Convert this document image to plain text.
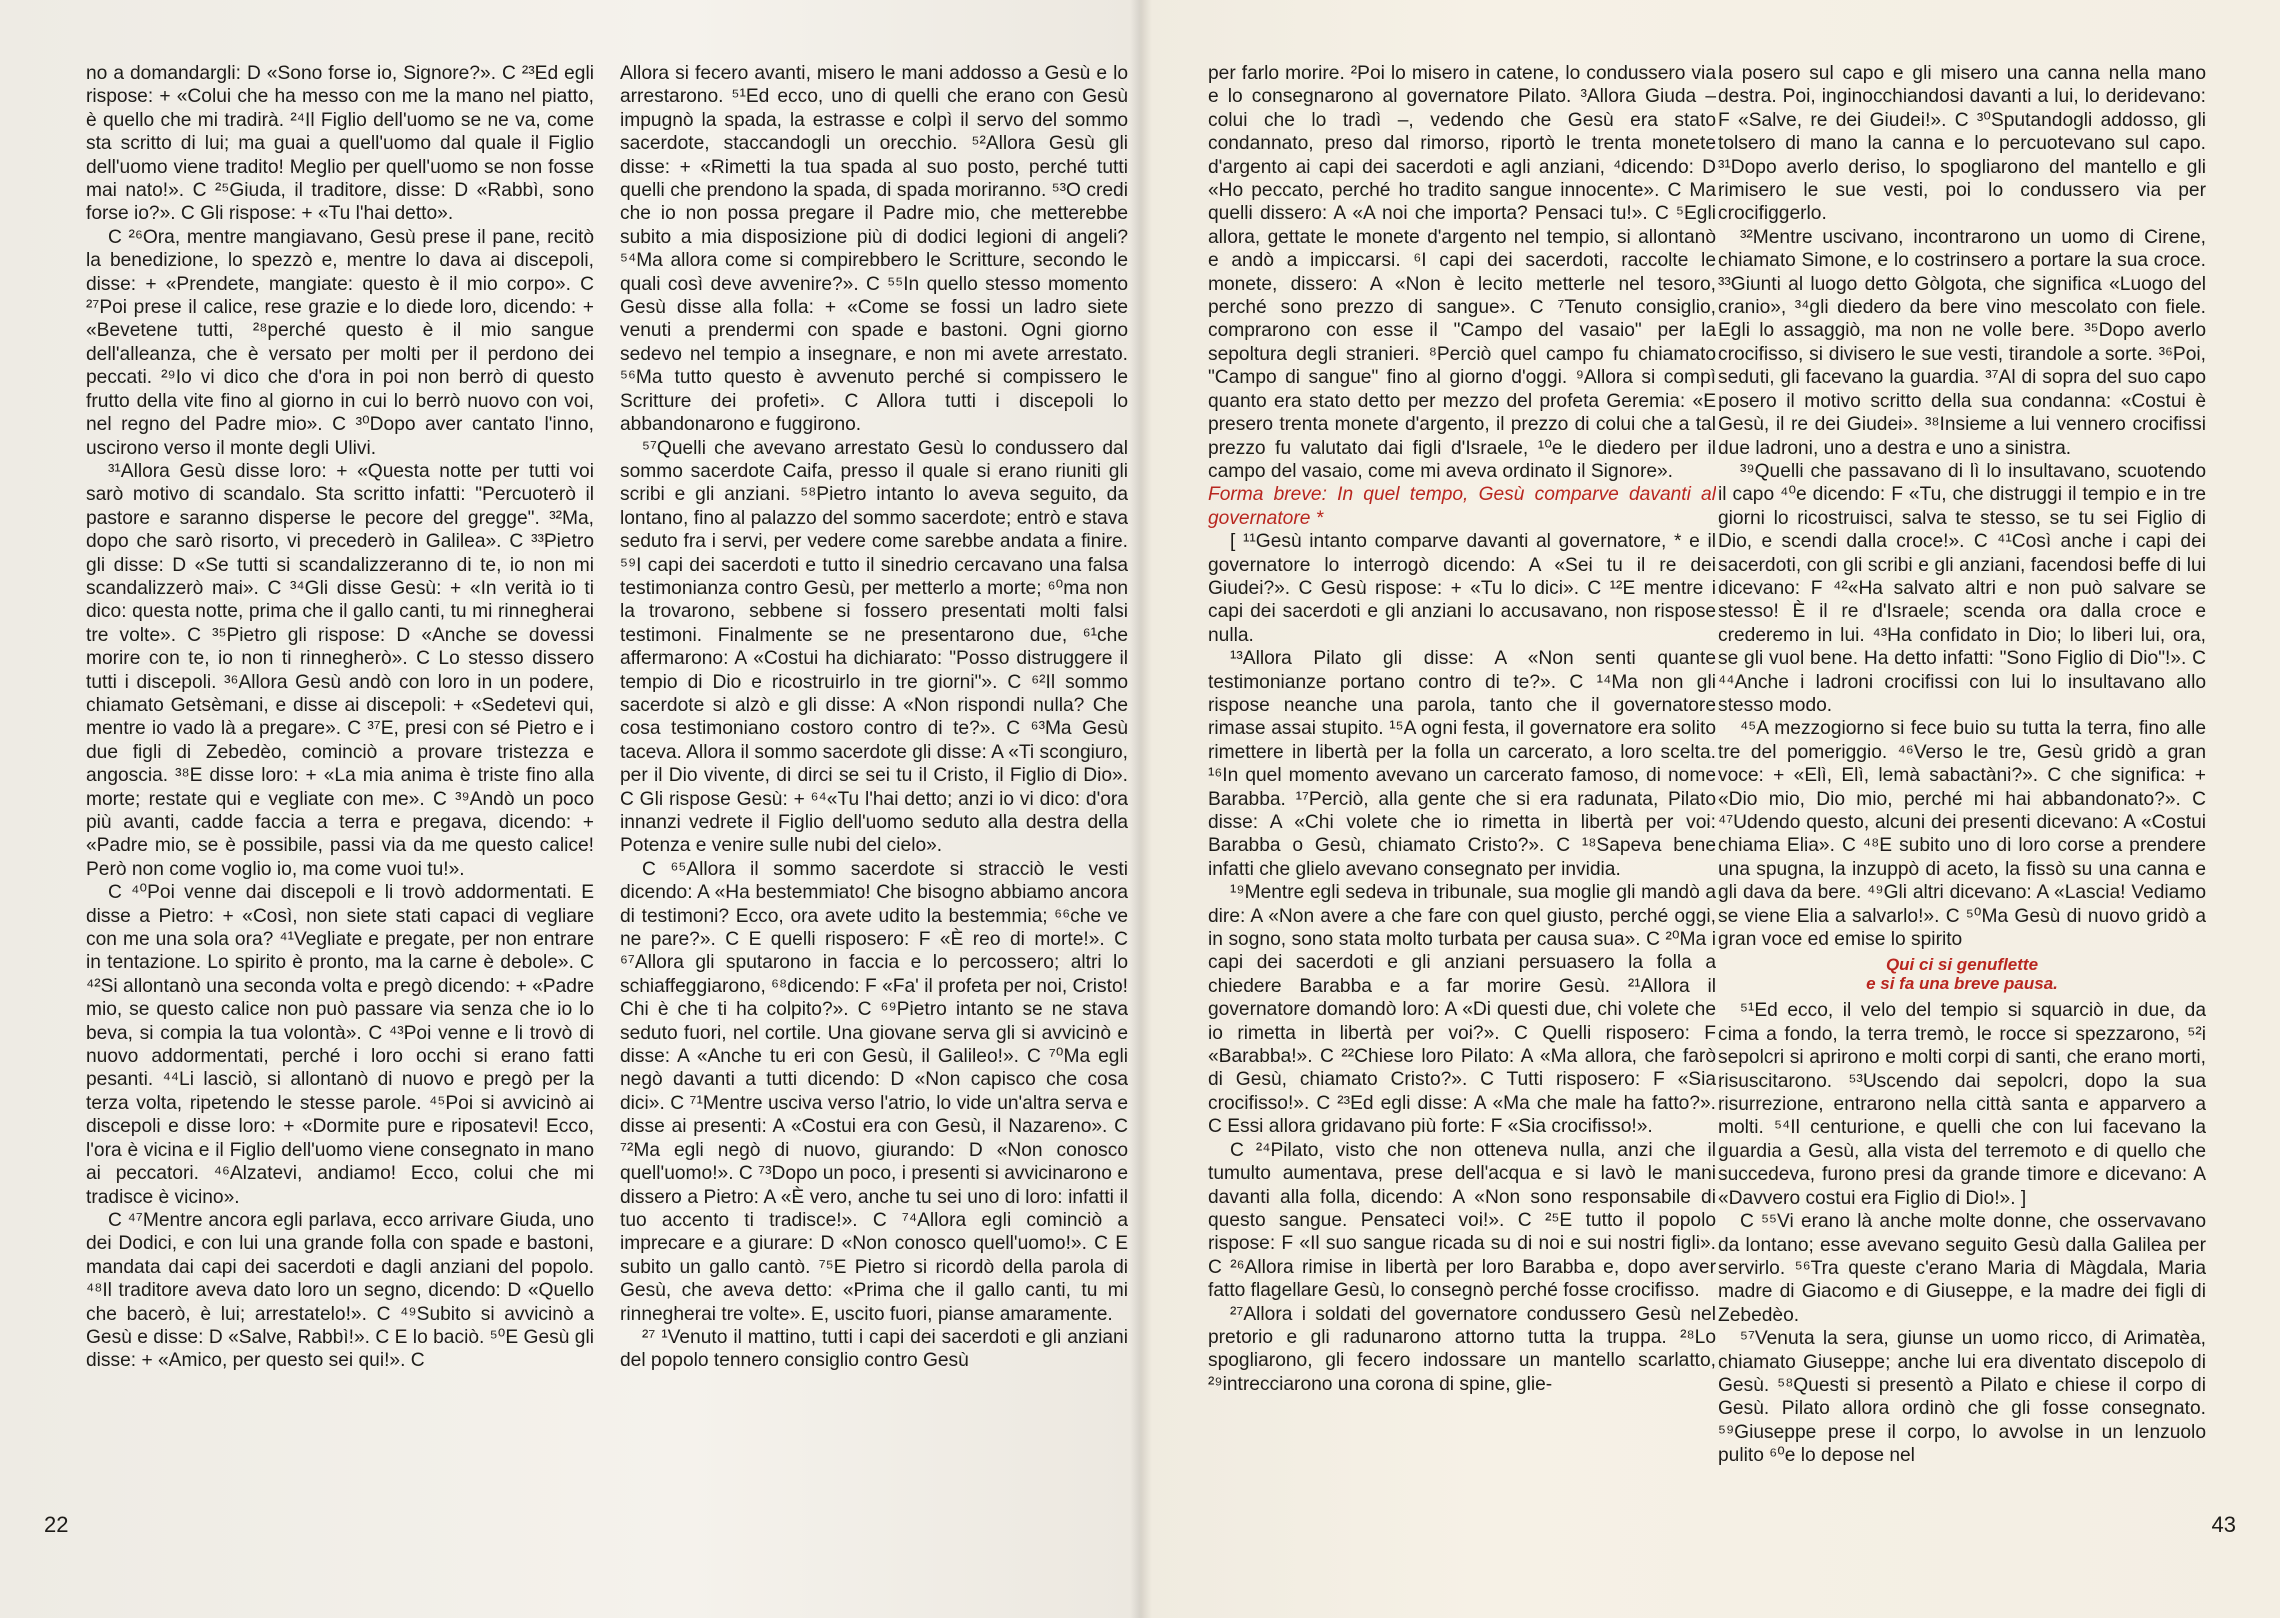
no a domandargli: D «Sono forse io, Signore?». C ²³Ed egli rispose: + «Colui che ha messo con me la mano nel piatto, è quello che mi tradirà. ²⁴Il Figlio dell'uomo se ne va, come sta scritto di lui; ma guai a quell'uomo dal quale il Figlio dell'uomo viene tradito! Meglio per quell'uomo se non fosse mai nato!». C ²⁵Giuda, il traditore, disse: D «Rabbì, sono forse io?». C Gli rispose: + «Tu l'hai detto».

C ²⁶Ora, mentre mangiavano, Gesù prese il pane, recitò la benedizione, lo spezzò e, mentre lo dava ai discepoli, disse: + «Prendete, mangiate: questo è il mio corpo». C ²⁷Poi prese il calice, rese grazie e lo diede loro, dicendo: + «Bevetene tutti, ²⁸perché questo è il mio sangue dell'alleanza, che è versato per molti per il perdono dei peccati. ²⁹Io vi dico che d'ora in poi non berrò di questo frutto della vite fino al giorno in cui lo berrò nuovo con voi, nel regno del Padre mio». C ³⁰Dopo aver cantato l'inno, uscirono verso il monte degli Ulivi.

³¹Allora Gesù disse loro: + «Questa notte per tutti voi sarò motivo di scandalo. Sta scritto infatti: "Percuoterò il pastore e saranno disperse le pecore del gregge". ³²Ma, dopo che sarò risorto, vi precederò in Galilea». C ³³Pietro gli disse: D «Se tutti si scandalizzeranno di te, io non mi scandalizzerò mai». C ³⁴Gli disse Gesù: + «In verità io ti dico: questa notte, prima che il gallo canti, tu mi rinnegherai tre volte». C ³⁵Pietro gli rispose: D «Anche se dovessi morire con te, io non ti rinnegherò». C Lo stesso dissero tutti i discepoli. ³⁶Allora Gesù andò con loro in un podere, chiamato Getsèmani, e disse ai discepoli: + «Sedetevi qui, mentre io vado là a pregare». C ³⁷E, presi con sé Pietro e i due figli di Zebedèo, cominciò a provare tristezza e angoscia. ³⁸E disse loro: + «La mia anima è triste fino alla morte; restate qui e vegliate con me». C ³⁹Andò un poco più avanti, cadde faccia a terra e pregava, dicendo: + «Padre mio, se è possibile, passi via da me questo calice! Però non come voglio io, ma come vuoi tu!».

C ⁴⁰Poi venne dai discepoli e li trovò addormentati. E disse a Pietro: + «Così, non siete stati capaci di vegliare con me una sola ora? ⁴¹Vegliate e pregate, per non entrare in tentazione. Lo spirito è pronto, ma la carne è debole». C ⁴²Si allontanò una seconda volta e pregò dicendo: + «Padre mio, se questo calice non può passare via senza che io lo beva, si compia la tua volontà». C ⁴³Poi venne e li trovò di nuovo addormentati, perché i loro occhi si erano fatti pesanti. ⁴⁴Li lasciò, si allontanò di nuovo e pregò per la terza volta, ripetendo le stesse parole. ⁴⁵Poi si avvicinò ai discepoli e disse loro: + «Dormite pure e riposatevi! Ecco, l'ora è vicina e il Figlio dell'uomo viene consegnato in mano ai peccatori. ⁴⁶Alzatevi, andiamo! Ecco, colui che mi tradisce è vicino».

C ⁴⁷Mentre ancora egli parlava, ecco arrivare Giuda, uno dei Dodici, e con lui una grande folla con spade e bastoni, mandata dai capi dei sacerdoti e dagli anziani del popolo. ⁴⁸Il traditore aveva dato loro un segno, dicendo: D «Quello che bacerò, è lui; arrestatelo!». C ⁴⁹Subito si avvicinò a Gesù e disse: D «Salve, Rabbì!». C E lo baciò. ⁵⁰E Gesù gli disse: + «Amico, per questo sei qui!». C

Allora si fecero avanti, misero le mani addosso a Gesù e lo arrestarono. ⁵¹Ed ecco, uno di quelli che erano con Gesù impugnò la spada, la estrasse e colpì il servo del sommo sacerdote, staccandogli un orecchio. ⁵²Allora Gesù gli disse: + «Rimetti la tua spada al suo posto, perché tutti quelli che prendono la spada, di spada moriranno. ⁵³O credi che io non possa pregare il Padre mio, che metterebbe subito a mia disposizione più di dodici legioni di angeli? ⁵⁴Ma allora come si compirebbero le Scritture, secondo le quali così deve avvenire?». C ⁵⁵In quello stesso momento Gesù disse alla folla: + «Come se fossi un ladro siete venuti a prendermi con spade e bastoni. Ogni giorno sedevo nel tempio a insegnare, e non mi avete arrestato. ⁵⁶Ma tutto questo è avvenuto perché si compissero le Scritture dei profeti». C Allora tutti i discepoli lo abbandonarono e fuggirono.

⁵⁷Quelli che avevano arrestato Gesù lo condussero dal sommo sacerdote Caifa, presso il quale si erano riuniti gli scribi e gli anziani. ⁵⁸Pietro intanto lo aveva seguito, da lontano, fino al palazzo del sommo sacerdote; entrò e stava seduto fra i servi, per vedere come sarebbe andata a finire. ⁵⁹I capi dei sacerdoti e tutto il sinedrio cercavano una falsa testimonianza contro Gesù, per metterlo a morte; ⁶⁰ma non la trovarono, sebbene si fossero presentati molti falsi testimoni. Finalmente se ne presentarono due, ⁶¹che affermarono: A «Costui ha dichiarato: "Posso distruggere il tempio di Dio e ricostruirlo in tre giorni"». C ⁶²Il sommo sacerdote si alzò e gli disse: A «Non rispondi nulla? Che cosa testimoniano costoro contro di te?». C ⁶³Ma Gesù taceva. Allora il sommo sacerdote gli disse: A «Ti scongiuro, per il Dio vivente, di dirci se sei tu il Cristo, il Figlio di Dio». C Gli rispose Gesù: + ⁶⁴«Tu l'hai detto; anzi io vi dico: d'ora innanzi vedrete il Figlio dell'uomo seduto alla destra della Potenza e venire sulle nubi del cielo».

C ⁶⁵Allora il sommo sacerdote si stracciò le vesti dicendo: A «Ha bestemmiato! Che bisogno abbiamo ancora di testimoni? Ecco, ora avete udito la bestemmia; ⁶⁶che ve ne pare?». C E quelli risposero: F «È reo di morte!». C ⁶⁷Allora gli sputarono in faccia e lo percossero; altri lo schiaffeggiarono, ⁶⁸dicendo: F «Fa' il profeta per noi, Cristo! Chi è che ti ha colpito?». C ⁶⁹Pietro intanto se ne stava seduto fuori, nel cortile. Una giovane serva gli si avvicinò e disse: A «Anche tu eri con Gesù, il Galileo!». C ⁷⁰Ma egli negò davanti a tutti dicendo: D «Non capisco che cosa dici». C ⁷¹Mentre usciva verso l'atrio, lo vide un'altra serva e disse ai presenti: A «Costui era con Gesù, il Nazareno». C ⁷²Ma egli negò di nuovo, giurando: D «Non conosco quell'uomo!». C ⁷³Dopo un poco, i presenti si avvicinarono e dissero a Pietro: A «È vero, anche tu sei uno di loro: infatti il tuo accento ti tradisce!». C ⁷⁴Allora egli cominciò a imprecare e a giurare: D «Non conosco quell'uomo!». C E subito un gallo cantò. ⁷⁵E Pietro si ricordò della parola di Gesù, che aveva detto: «Prima che il gallo canti, tu mi rinnegherai tre volte». E, uscito fuori, pianse amaramente.

²⁷ ¹Venuto il mattino, tutti i capi dei sacerdoti e gli anziani del popolo tennero consiglio contro Gesù

22

per farlo morire. ²Poi lo misero in catene, lo condussero via e lo consegnarono al governatore Pilato. ³Allora Giuda – colui che lo tradì –, vedendo che Gesù era stato condannato, preso dal rimorso, riportò le trenta monete d'argento ai capi dei sacerdoti e agli anziani, ⁴dicendo: D «Ho peccato, perché ho tradito sangue innocente». C Ma quelli dissero: A «A noi che importa? Pensaci tu!». C ⁵Egli allora, gettate le monete d'argento nel tempio, si allontanò e andò a impiccarsi. ⁶I capi dei sacerdoti, raccolte le monete, dissero: A «Non è lecito metterle nel tesoro, perché sono prezzo di sangue». C ⁷Tenuto consiglio, comprarono con esse il "Campo del vasaio" per la sepoltura degli stranieri. ⁸Perciò quel campo fu chiamato "Campo di sangue" fino al giorno d'oggi. ⁹Allora si compì quanto era stato detto per mezzo del profeta Geremia: «E presero trenta monete d'argento, il prezzo di colui che a tal prezzo fu valutato dai figli d'Israele, ¹⁰e le diedero per il campo del vasaio, come mi aveva ordinato il Signore».

Forma breve: In quel tempo, Gesù comparve davanti al governatore *

[ ¹¹Gesù intanto comparve davanti al governatore, * e il governatore lo interrogò dicendo: A «Sei tu il re dei Giudei?». C Gesù rispose: + «Tu lo dici». C ¹²E mentre i capi dei sacerdoti e gli anziani lo accusavano, non rispose nulla.

¹³Allora Pilato gli disse: A «Non senti quante testimonianze portano contro di te?». C ¹⁴Ma non gli rispose neanche una parola, tanto che il governatore rimase assai stupito. ¹⁵A ogni festa, il governatore era solito rimettere in libertà per la folla un carcerato, a loro scelta. ¹⁶In quel momento avevano un carcerato famoso, di nome Barabba. ¹⁷Perciò, alla gente che si era radunata, Pilato disse: A «Chi volete che io rimetta in libertà per voi: Barabba o Gesù, chiamato Cristo?». C ¹⁸Sapeva bene infatti che glielo avevano consegnato per invidia.

¹⁹Mentre egli sedeva in tribunale, sua moglie gli mandò a dire: A «Non avere a che fare con quel giusto, perché oggi, in sogno, sono stata molto turbata per causa sua». C ²⁰Ma i capi dei sacerdoti e gli anziani persuasero la folla a chiedere Barabba e a far morire Gesù. ²¹Allora il governatore domandò loro: A «Di questi due, chi volete che io rimetta in libertà per voi?». C Quelli risposero: F «Barabba!». C ²²Chiese loro Pilato: A «Ma allora, che farò di Gesù, chiamato Cristo?». C Tutti risposero: F «Sia crocifisso!». C ²³Ed egli disse: A «Ma che male ha fatto?». C Essi allora gridavano più forte: F «Sia crocifisso!».

C ²⁴Pilato, visto che non otteneva nulla, anzi che il tumulto aumentava, prese dell'acqua e si lavò le mani davanti alla folla, dicendo: A «Non sono responsabile di questo sangue. Pensateci voi!». C ²⁵E tutto il popolo rispose: F «Il suo sangue ricada su di noi e sui nostri figli». C ²⁶Allora rimise in libertà per loro Barabba e, dopo aver fatto flagellare Gesù, lo consegnò perché fosse crocifisso.

²⁷Allora i soldati del governatore condussero Gesù nel pretorio e gli radunarono attorno tutta la truppa. ²⁸Lo spogliarono, gli fecero indossare un mantello scarlatto, ²⁹intrecciarono una corona di spine, glie-

la posero sul capo e gli misero una canna nella mano destra. Poi, inginocchiandosi davanti a lui, lo deridevano: F «Salve, re dei Giudei!». C ³⁰Sputandogli addosso, gli tolsero di mano la canna e lo percuotevano sul capo. ³¹Dopo averlo deriso, lo spogliarono del mantello e gli rimisero le sue vesti, poi lo condussero via per crocifiggerlo.

³²Mentre uscivano, incontrarono un uomo di Cirene, chiamato Simone, e lo costrinsero a portare la sua croce. ³³Giunti al luogo detto Gòlgota, che significa «Luogo del cranio», ³⁴gli diedero da bere vino mescolato con fiele. Egli lo assaggiò, ma non ne volle bere. ³⁵Dopo averlo crocifisso, si divisero le sue vesti, tirandole a sorte. ³⁶Poi, seduti, gli facevano la guardia. ³⁷Al di sopra del suo capo posero il motivo scritto della sua condanna: «Costui è Gesù, il re dei Giudei». ³⁸Insieme a lui vennero crocifissi due ladroni, uno a destra e uno a sinistra.

³⁹Quelli che passavano di lì lo insultavano, scuotendo il capo ⁴⁰e dicendo: F «Tu, che distruggi il tempio e in tre giorni lo ricostruisci, salva te stesso, se tu sei Figlio di Dio, e scendi dalla croce!». C ⁴¹Così anche i capi dei sacerdoti, con gli scribi e gli anziani, facendosi beffe di lui dicevano: F ⁴²«Ha salvato altri e non può salvare se stesso! È il re d'Israele; scenda ora dalla croce e crederemo in lui. ⁴³Ha confidato in Dio; lo liberi lui, ora, se gli vuol bene. Ha detto infatti: "Sono Figlio di Dio"!». C ⁴⁴Anche i ladroni crocifissi con lui lo insultavano allo stesso modo.

⁴⁵A mezzogiorno si fece buio su tutta la terra, fino alle tre del pomeriggio. ⁴⁶Verso le tre, Gesù gridò a gran voce: + «Elì, Elì, lemà sabactàni?». C che significa: + «Dio mio, Dio mio, perché mi hai abbandonato?». C ⁴⁷Udendo questo, alcuni dei presenti dicevano: A «Costui chiama Elia». C ⁴⁸E subito uno di loro corse a prendere una spugna, la inzuppò di aceto, la fissò su una canna e gli dava da bere. ⁴⁹Gli altri dicevano: A «Lascia! Vediamo se viene Elia a salvarlo!». C ⁵⁰Ma Gesù di nuovo gridò a gran voce ed emise lo spirito

Qui ci si genuflette
e si fa una breve pausa.

⁵¹Ed ecco, il velo del tempio si squarciò in due, da cima a fondo, la terra tremò, le rocce si spezzarono, ⁵²i sepolcri si aprirono e molti corpi di santi, che erano morti, risuscitarono. ⁵³Uscendo dai sepolcri, dopo la sua risurrezione, entrarono nella città santa e apparvero a molti. ⁵⁴Il centurione, e quelli che con lui facevano la guardia a Gesù, alla vista del terremoto e di quello che succedeva, furono presi da grande timore e dicevano: A «Davvero costui era Figlio di Dio!». ]

C ⁵⁵Vi erano là anche molte donne, che osservavano da lontano; esse avevano seguito Gesù dalla Galilea per servirlo. ⁵⁶Tra queste c'erano Maria di Màgdala, Maria madre di Giacomo e di Giuseppe, e la madre dei figli di Zebedèo.

⁵⁷Venuta la sera, giunse un uomo ricco, di Arimatèa, chiamato Giuseppe; anche lui era diventato discepolo di Gesù. ⁵⁸Questi si presentò a Pilato e chiese il corpo di Gesù. Pilato allora ordinò che gli fosse consegnato. ⁵⁹Giuseppe prese il corpo, lo avvolse in un lenzuolo pulito ⁶⁰e lo depose nel

43
